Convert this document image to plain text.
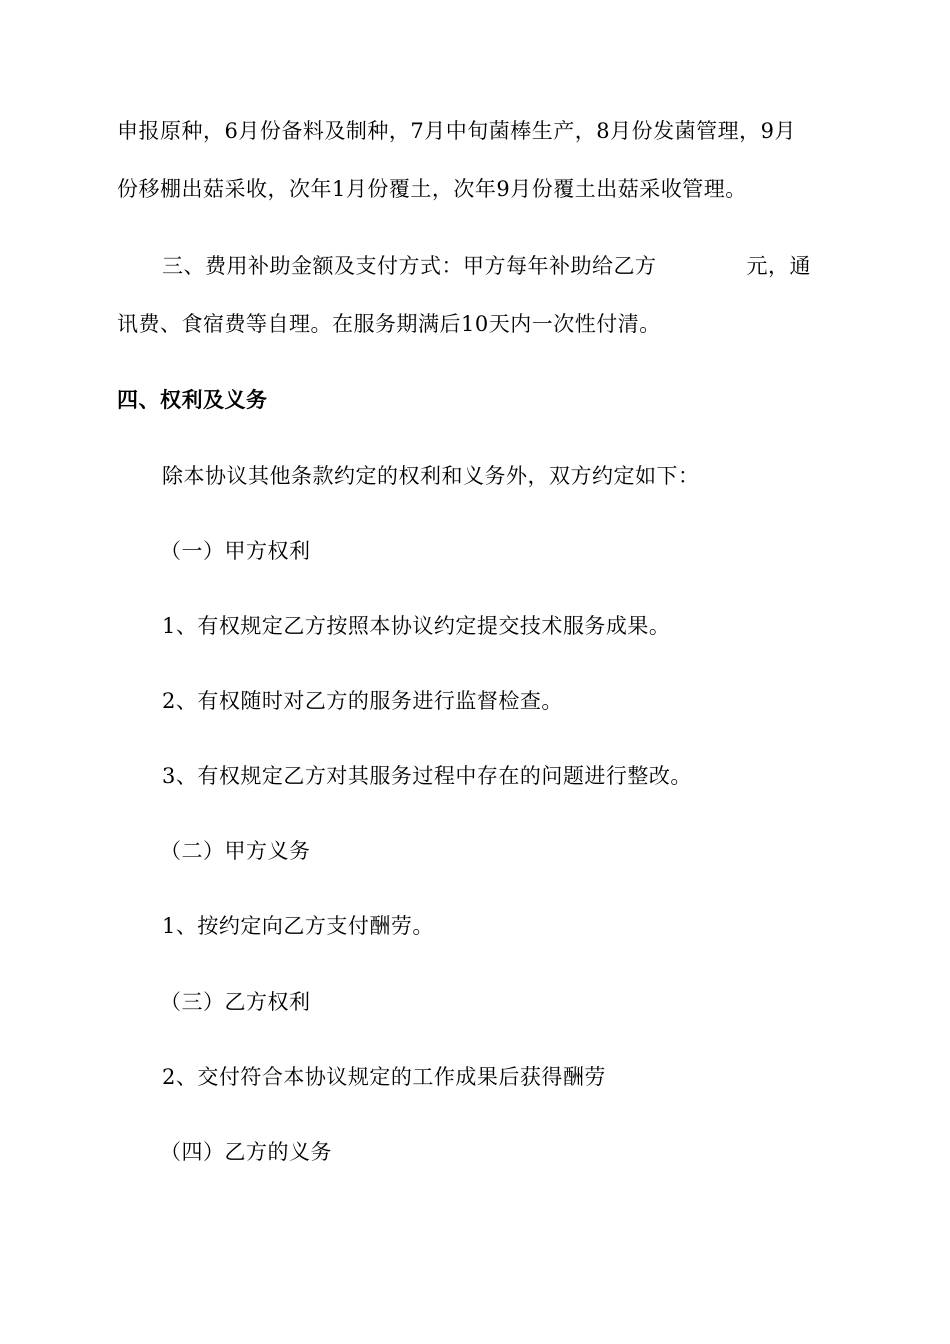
申报原种，6月份备料及制种，7月中旬菌棒生产，8月份发菌管理，9月
份移棚出菇采收，次年1月份覆土，次年9月份覆土出菇采收管理。
三、费用补助金额及支付方式：甲方每年补助给乙方	元，通
讯费、食宿费等自理。在服务期满后10天内一次性付清。
四、权利及义务
除本协议其他条款约定的权利和义务外，双方约定如下：
（一）甲方权利
1、有权规定乙方按照本协议约定提交技术服务成果。
2、有权随时对乙方的服务进行监督检查。
3、有权规定乙方对其服务过程中存在的问题进行整改。
（二）甲方义务
1、按约定向乙方支付酬劳。
（三）乙方权利
2、交付符合本协议规定的工作成果后获得酬劳
（四）乙方的义务
